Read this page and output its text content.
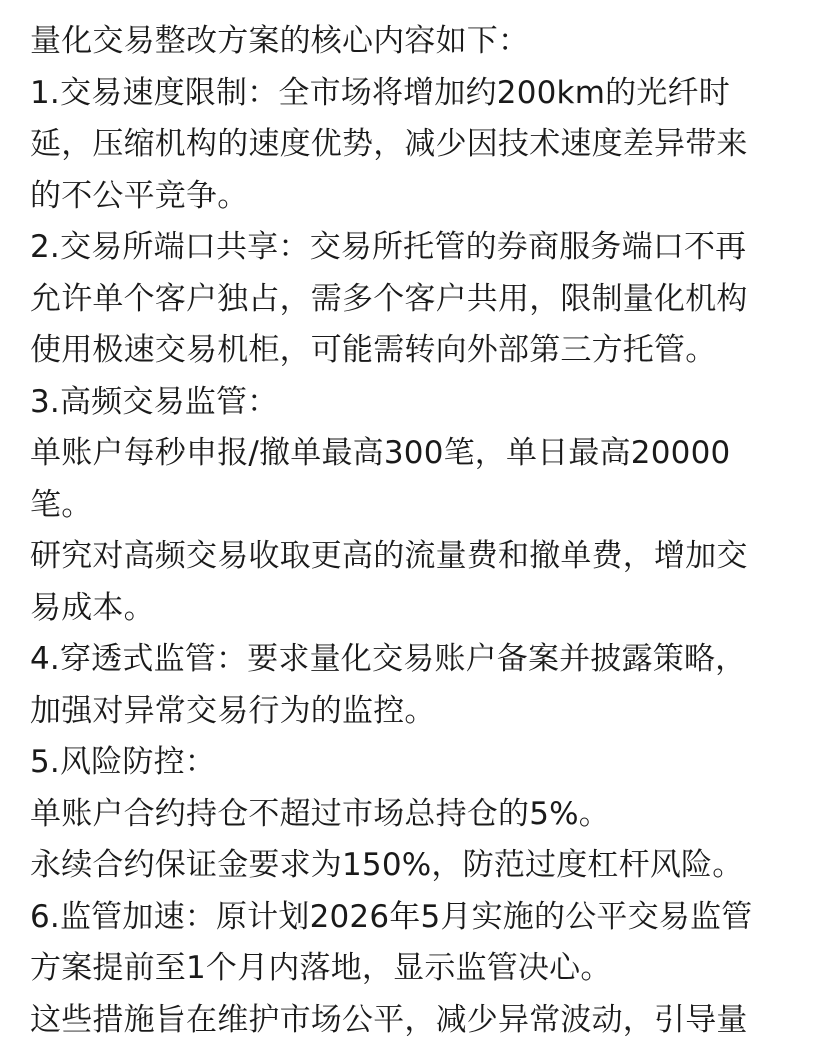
量化交易整改方案的核心内容如下：
1.交易速度限制：全市场将增加约200km的光纤时
延，压缩机构的速度优势，减少因技术速度差异带来
的不公平竞争。
2.交易所端口共享：交易所托管的券商服务端口不再
允许单个客户独占，需多个客户共用，限制量化机构
使用极速交易机柜，可能需转向外部第三方托管。
3.高频交易监管：
单账户每秒申报/撤单最高300笔，单日最高20000
笔。
研究对高频交易收取更高的流量费和撤单费，增加交
易成本。
4.穿透式监管：要求量化交易账户备案并披露策略，
加强对异常交易行为的监控。
5.风险防控：
单账户合约持仓不超过市场总持仓的5%。
永续合约保证金要求为150%，防范过度杠杆风险。
6.监管加速：原计划2026年5月实施的公平交易监管
方案提前至1个月内落地，显示监管决心。
这些措施旨在维护市场公平，减少异常波动，引导量
